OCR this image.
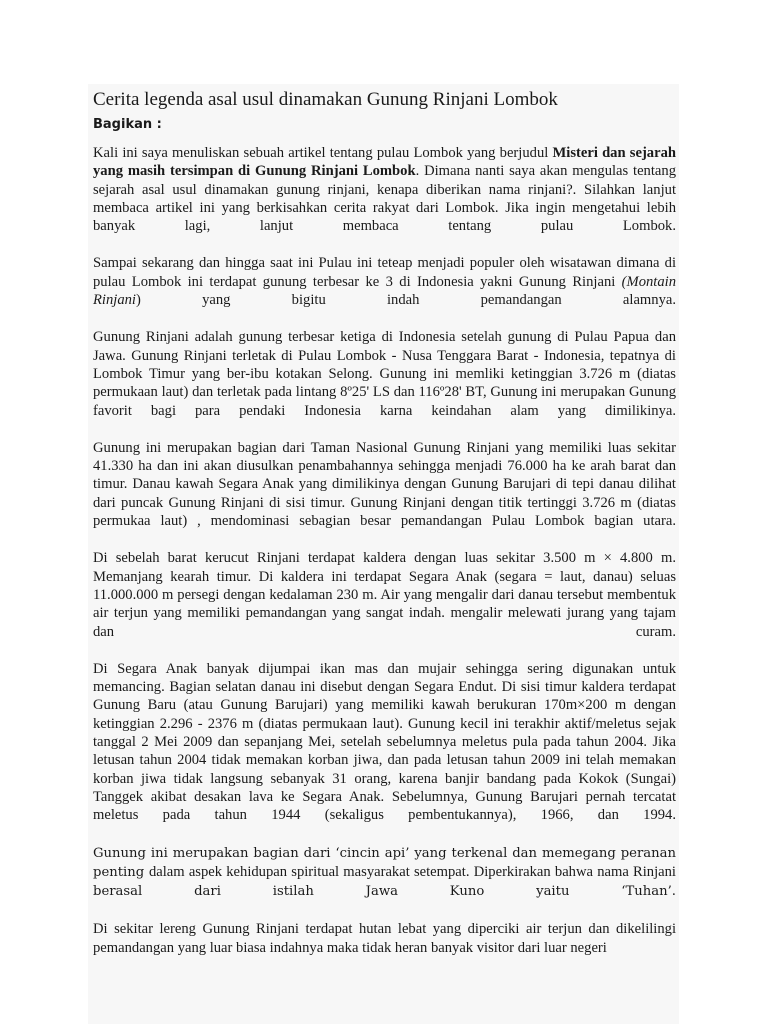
Cerita legenda asal usul dinamakan Gunung Rinjani Lombok
Bagikan :

Kali ini saya menuliskan sebuah artikel tentang pulau Lombok yang berjudul Misteri dan sejarah yang masih tersimpan di Gunung Rinjani Lombok. Dimana nanti saya akan mengulas tentang sejarah asal usul dinamakan gunung rinjani, kenapa diberikan nama rinjani?. Silahkan lanjut membaca artikel ini yang berkisahkan cerita rakyat dari Lombok. Jika ingin mengetahui lebih banyak lagi, lanjut membaca tentang pulau Lombok.

Sampai sekarang dan hingga saat ini Pulau ini teteap menjadi populer oleh wisatawan dimana di pulau Lombok ini terdapat gunung terbesar ke 3 di Indonesia yakni Gunung Rinjani (Montain Rinjani) yang bigitu indah pemandangan alamnya.

Gunung Rinjani adalah gunung terbesar ketiga di Indonesia setelah gunung di Pulau Papua dan Jawa. Gunung Rinjani terletak di Pulau Lombok - Nusa Tenggara Barat - Indonesia, tepatnya di Lombok Timur yang ber-ibu kotakan Selong. Gunung ini memliki ketinggian 3.726 m (diatas permukaan laut) dan terletak pada lintang 8º25' LS dan 116º28' BT, Gunung ini merupakan Gunung favorit bagi para pendaki Indonesia karna keindahan alam yang dimilikinya.

Gunung ini merupakan bagian dari Taman Nasional Gunung Rinjani yang memiliki luas sekitar 41.330 ha dan ini akan diusulkan penambahannya sehingga menjadi 76.000 ha ke arah barat dan timur. Danau kawah Segara Anak yang dimilikinya dengan Gunung Barujari di tepi danau dilihat dari puncak Gunung Rinjani di sisi timur. Gunung Rinjani dengan titik tertinggi 3.726 m (diatas permukaa laut) , mendominasi sebagian besar pemandangan Pulau Lombok bagian utara.

Di sebelah barat kerucut Rinjani terdapat kaldera dengan luas sekitar 3.500 m × 4.800 m. Memanjang kearah timur. Di kaldera ini terdapat Segara Anak (segara = laut, danau) seluas 11.000.000 m persegi dengan kedalaman 230 m. Air yang mengalir dari danau tersebut membentuk air terjun yang memiliki pemandangan yang sangat indah. mengalir melewati jurang yang tajam dan curam.

Di Segara Anak banyak dijumpai ikan mas dan mujair sehingga sering digunakan untuk memancing. Bagian selatan danau ini disebut dengan Segara Endut. Di sisi timur kaldera terdapat Gunung Baru (atau Gunung Barujari) yang memiliki kawah berukuran 170m×200 m dengan ketinggian 2.296 - 2376 m (diatas permukaan laut). Gunung kecil ini terakhir aktif/meletus sejak tanggal 2 Mei 2009 dan sepanjang Mei, setelah sebelumnya meletus pula pada tahun 2004. Jika letusan tahun 2004 tidak memakan korban jiwa, dan pada letusan tahun 2009 ini telah memakan korban jiwa tidak langsung sebanyak 31 orang, karena banjir bandang pada Kokok (Sungai) Tanggek akibat desakan lava ke Segara Anak. Sebelumnya, Gunung Barujari pernah tercatat meletus pada tahun 1944 (sekaligus pembentukannya), 1966, dan 1994.

Gunung ini merupakan bagian dari ‘cincin api’ yang terkenal dan memegang peranan penting dalam aspek kehidupan spiritual masyarakat setempat. Diperkirakan bahwa nama Rinjani berasal dari istilah Jawa Kuno yaitu ‘Tuhan’.

Di sekitar lereng Gunung Rinjani terdapat hutan lebat yang diperciki air terjun dan dikelilingi pemandangan yang luar biasa indahnya maka tidak heran banyak visitor dari luar negeri
